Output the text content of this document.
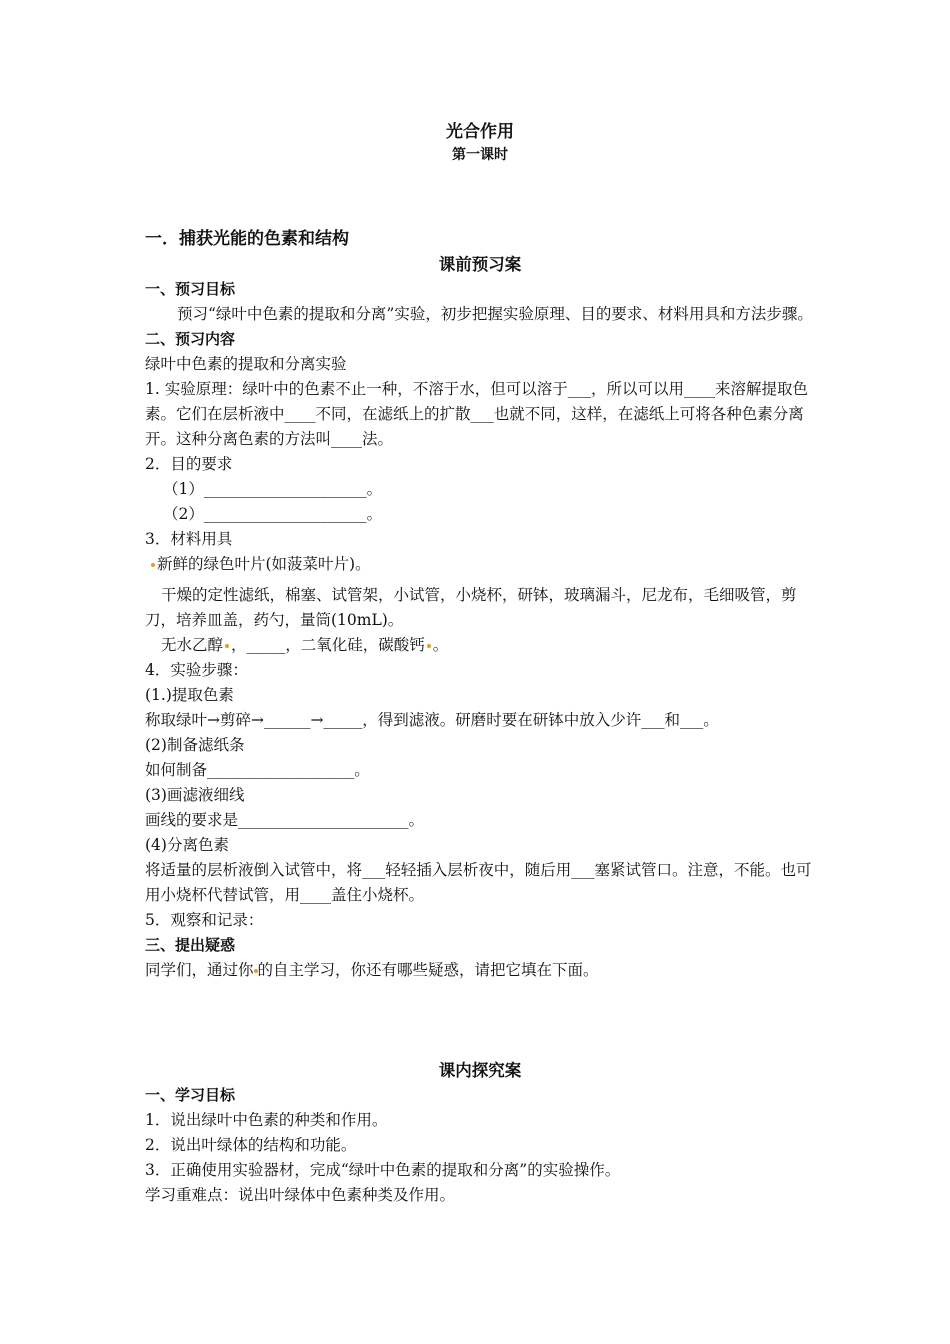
光合作用
第一课时
一．捕获光能的色素和结构
课前预习案
一、预习目标
预习“绿叶中色素的提取和分离”实验，初步把握实验原理、目的要求、材料用具和方法步骤。
二、预习内容
绿叶中色素的提取和分离实验
1. 实验原理：绿叶中的色素不止一种，不溶于水，但可以溶于___，所以可以用____来溶解提取色素。它们在层析液中____不同，在滤纸上的扩散___也就不同，这样，在滤纸上可将各种色素分离开。这种分离色素的方法叫____法。
2．目的要求
（1）_____________________。
（2）_____________________。
3．材料用具
新鲜的绿色叶片(如菠菜叶片)。
干燥的定性滤纸，棉塞、试管架，小试管，小烧杯，研钵，玻璃漏斗，尼龙布，毛细吸管，剪刀，培养皿盖，药勺，量筒(10mL)。
无水乙醇 ，_____，二氧化硅，碳酸钙 。
4．实验步骤：
(1.)提取色素
称取绿叶→剪碎→______→_____，得到滤液。研磨时要在研钵中放入少许___和___。
(2)制备滤纸条
如何制备___________________。
(3)画滤液细线
画线的要求是______________________。
(4)分离色素
将适量的层析液倒入试管中，将___轻轻插入层析夜中，随后用___塞紧试管口。注意，不能。也可用小烧杯代替试管，用____盖住小烧杯。
5．观察和记录：
三、提出疑惑
同学们，通过你 的自主学习，你还有哪些疑惑，请把它填在下面。
课内探究案
一、学习目标
1．说出绿叶中色素的种类和作用。
2．说出叶绿体的结构和功能。
3．正确使用实验器材，完成“绿叶中色素的提取和分离”的实验操作。
学习重难点：说出叶绿体中色素种类及作用。
